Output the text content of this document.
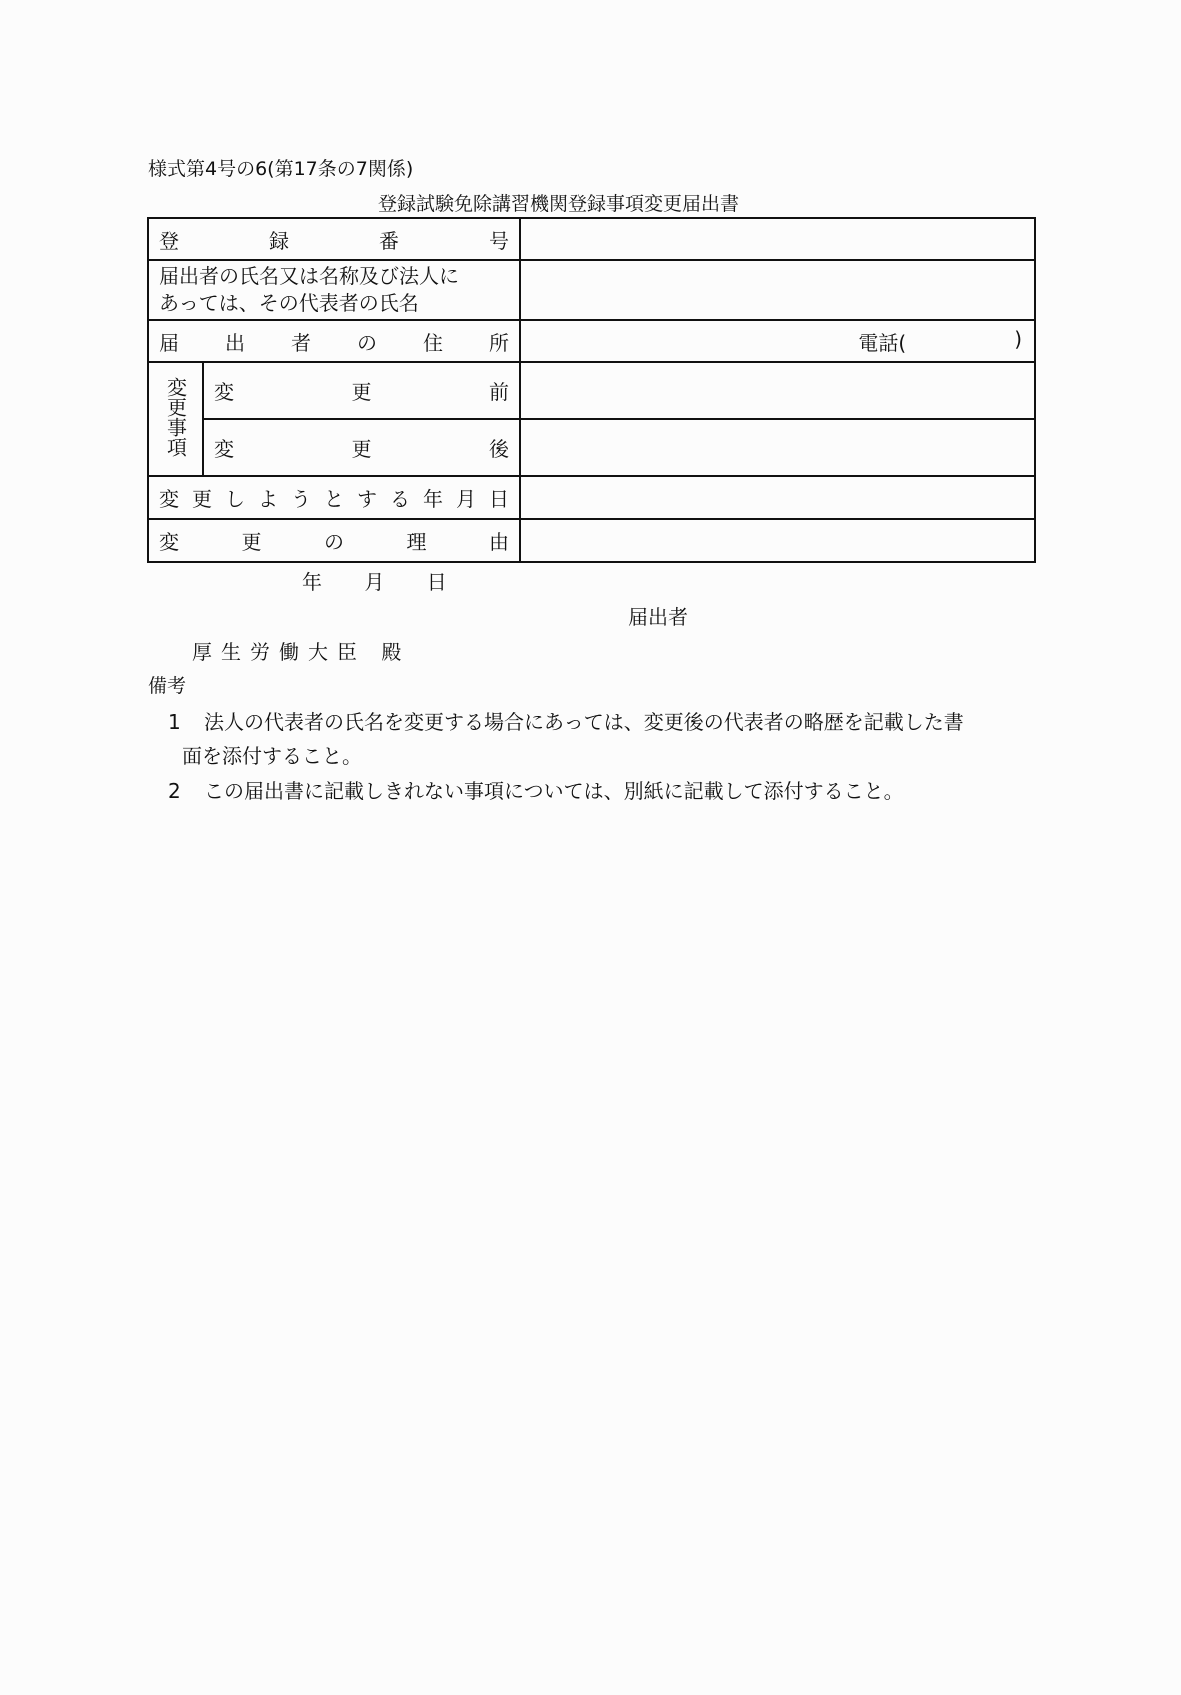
様式第4号の6(第17条の7関係)
登録試験免除講習機関登録事項変更届出書
登 録 番 号		

届出者の氏名又は名称及び法人に
あっては、その代表者の氏名		

届 出 者 の 住 所	電話(	)

変更事項	変 更 前	

	変 更 後	

変 更 し よ う と す る 年 月 日

変 更 の 理 由		

年 月 日
届出者
厚生労働大臣 殿
備考
1 法人の代表者の氏名を変更する場合にあっては、変更後の代表者の略歴を記載した書
面を添付すること。
2 この届出書に記載しきれない事項については、別紙に記載して添付すること。
